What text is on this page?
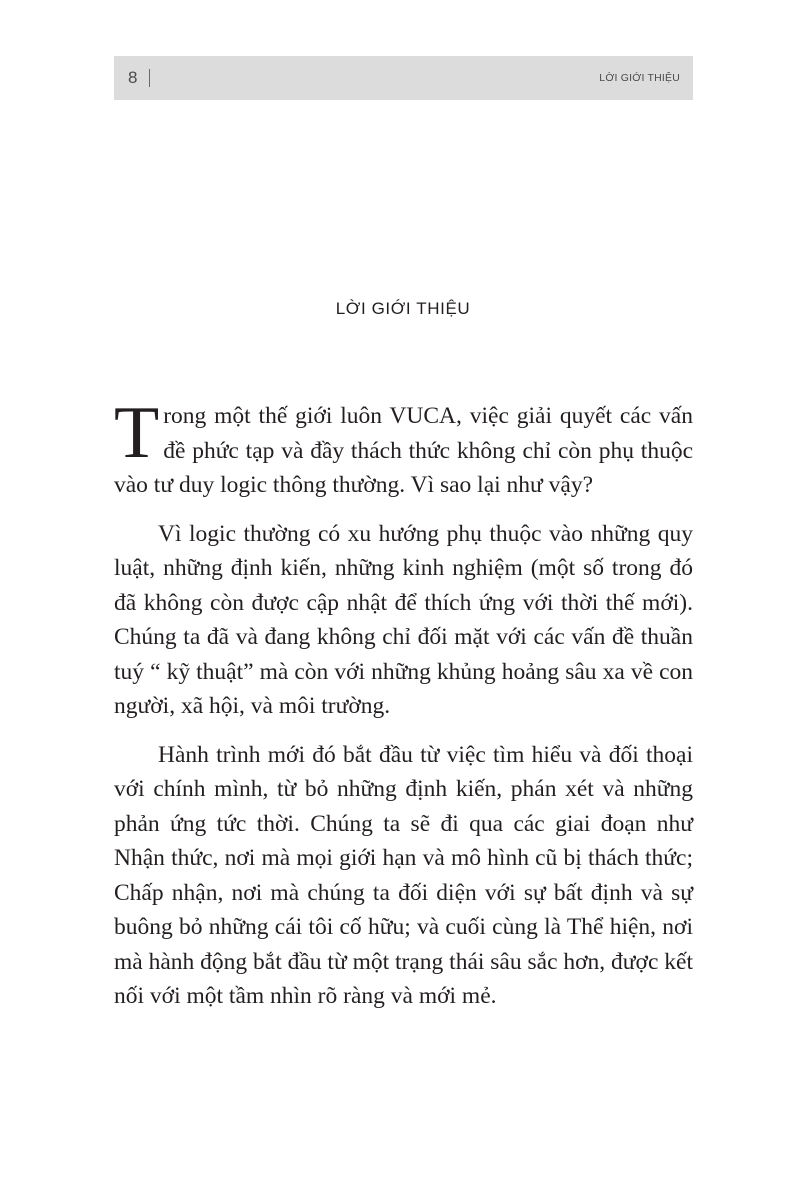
8	LỜI GIỚI THIỆU
LỜI GIỚI THIỆU

Trong một thế giới luôn VUCA, việc giải quyết các vấn đề phức tạp và đầy thách thức không chỉ còn phụ thuộc vào tư duy logic thông thường. Vì sao lại như vậy?

Vì logic thường có xu hướng phụ thuộc vào những quy luật, những định kiến, những kinh nghiệm (một số trong đó đã không còn được cập nhật để thích ứng với thời thế mới). Chúng ta đã và đang không chỉ đối mặt với các vấn đề thuần tuý “ kỹ thuật” mà còn với những khủng hoảng sâu xa về con người, xã hội, và môi trường.

Hành trình mới đó bắt đầu từ việc tìm hiểu và đối thoại với chính mình, từ bỏ những định kiến, phán xét và những phản ứng tức thời. Chúng ta sẽ đi qua các giai đoạn như Nhận thức, nơi mà mọi giới hạn và mô hình cũ bị thách thức; Chấp nhận, nơi mà chúng ta đối diện với sự bất định và sự buông bỏ những cái tôi cố hữu; và cuối cùng là Thể hiện, nơi mà hành động bắt đầu từ một trạng thái sâu sắc hơn, được kết nối với một tầm nhìn rõ ràng và mới mẻ.
